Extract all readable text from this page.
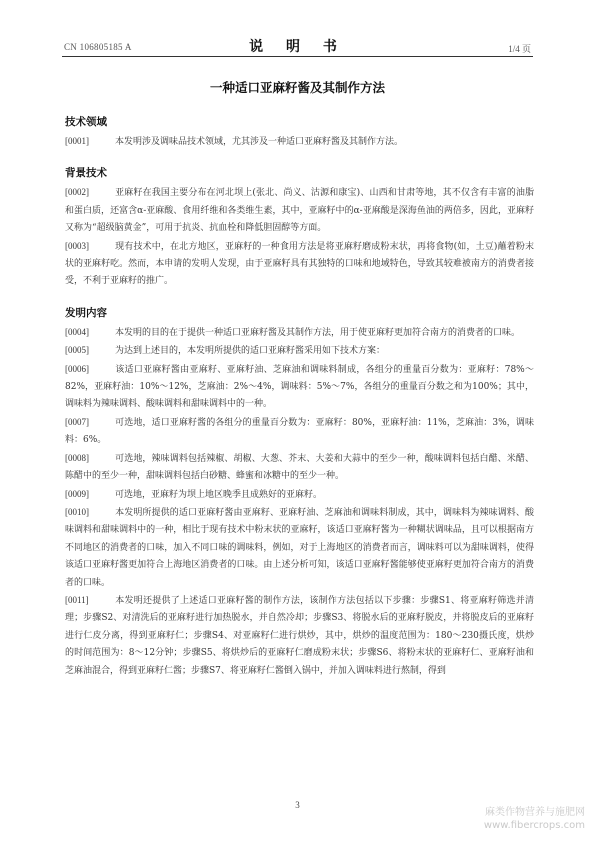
CN 106805185 A	说 明 书	1/4 页
一种适口亚麻籽酱及其制作方法
技术领域

[0001]	本发明涉及调味品技术领域，尤其涉及一种适口亚麻籽酱及其制作方法。

背景技术

[0002]	亚麻籽在我国主要分布在河北坝上(张北、尚义、沽源和康宝)、山西和甘肃等地，其不仅含有丰富的油脂和蛋白质，还富含α-亚麻酸、食用纤维和各类维生素，其中，亚麻籽中的α-亚麻酸是深海鱼油的两倍多，因此，亚麻籽又称为“超级脑黄金”，可用于抗炎、抗血栓和降低胆固醇等方面。

[0003]	现有技术中，在北方地区，亚麻籽的一种食用方法是将亚麻籽磨成粉末状，再将食物(如，土豆)蘸着粉末状的亚麻籽吃。然而，本申请的发明人发现，由于亚麻籽具有其独特的口味和地域特色，导致其较难被南方的消费者接受，不利于亚麻籽的推广。

发明内容

[0004]	本发明的目的在于提供一种适口亚麻籽酱及其制作方法，用于使亚麻籽更加符合南方的消费者的口味。

[0005]	为达到上述目的，本发明所提供的适口亚麻籽酱采用如下技术方案：

[0006]	该适口亚麻籽酱由亚麻籽、亚麻籽油、芝麻油和调味料制成，各组分的重量百分数为：亚麻籽：78%～82%，亚麻籽油：10%～12%，芝麻油：2%～4%，调味料：5%～7%，各组分的重量百分数之和为100%；其中，调味料为辣味调料、酸味调料和甜味调料中的一种。

[0007]	可选地，适口亚麻籽酱的各组分的重量百分数为：亚麻籽：80%，亚麻籽油：11%，芝麻油：3%，调味料：6%。

[0008]	可选地，辣味调料包括辣椒、胡椒、大葱、芥末、大姜和大蒜中的至少一种，酸味调料包括白醋、米醋、陈醋中的至少一种，甜味调料包括白砂糖、蜂蜜和冰糖中的至少一种。

[0009]	可选地，亚麻籽为坝上地区晚季且成熟好的亚麻籽。

[0010]	本发明所提供的适口亚麻籽酱由亚麻籽、亚麻籽油、芝麻油和调味料制成，其中，调味料为辣味调料、酸味调料和甜味调料中的一种，相比于现有技术中粉末状的亚麻籽，该适口亚麻籽酱为一种糊状调味品，且可以根据南方不同地区的消费者的口味，加入不同口味的调味料，例如，对于上海地区的消费者而言，调味料可以为甜味调料，使得该适口亚麻籽酱更加符合上海地区消费者的口味。由上述分析可知，该适口亚麻籽酱能够使亚麻籽更加符合南方的消费者的口味。

[0011]	本发明还提供了上述适口亚麻籽酱的制作方法，该制作方法包括以下步骤：步骤S1、将亚麻籽筛选并清理；步骤S2、对清洗后的亚麻籽进行加热脱水，并自然冷却；步骤S3、将脱水后的亚麻籽脱皮，并将脱皮后的亚麻籽进行仁皮分离，得到亚麻籽仁；步骤S4、对亚麻籽仁进行烘炒，其中，烘炒的温度范围为：180～230摄氏度，烘炒的时间范围为：8～12分钟；步骤S5、将烘炒后的亚麻籽仁磨成粉末状；步骤S6、将粉末状的亚麻籽仁、亚麻籽油和芝麻油混合，得到亚麻籽仁酱；步骤S7、将亚麻籽仁酱倒入锅中，并加入调味料进行熬制，得到

3
麻类作物营养与施肥网
www.fibercrops.com
